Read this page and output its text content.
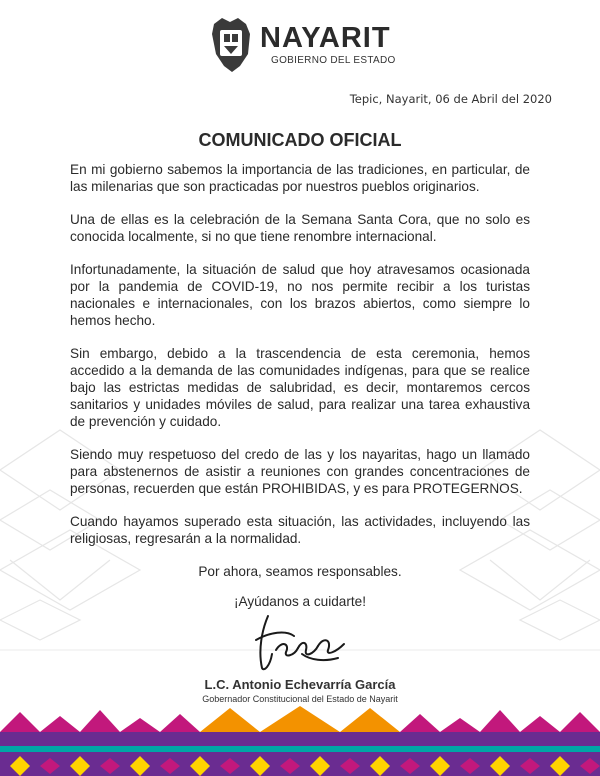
NAYARIT
GOBIERNO DEL ESTADO
Tepic, Nayarit, 06 de Abril del 2020
COMUNICADO OFICIAL

En mi gobierno sabemos la importancia de las tradiciones, en particular, de las milenarias que son practicadas por nuestros pueblos originarios.

Una de ellas es la celebración de la Semana Santa Cora, que no solo es conocida localmente, si no que tiene renombre internacional.

Infortunadamente, la situación de salud que hoy atravesamos ocasionada por la pandemia de COVID-19, no nos permite recibir a los turistas nacionales e internacionales, con los brazos abiertos, como siempre lo hemos hecho.

Sin embargo, debido a la trascendencia de esta ceremonia, hemos accedido a la demanda de las comunidades indígenas, para que se realice bajo las estrictas medidas de salubridad, es decir, montaremos cercos sanitarios y unidades móviles de salud, para realizar una tarea exhaustiva de prevención y cuidado.

Siendo muy respetuoso del credo de las y los nayaritas, hago un llamado para abstenernos de asistir a reuniones con grandes concentraciones de personas, recuerden que están PROHIBIDAS, y es para PROTEGERNOS.

Cuando hayamos superado esta situación, las actividades, incluyendo las religiosas, regresarán a la normalidad.

Por ahora, seamos responsables.

¡Ayúdanos a cuidarte!

L.C. Antonio Echevarría García
Gobernador Constitucional del Estado de Nayarit
